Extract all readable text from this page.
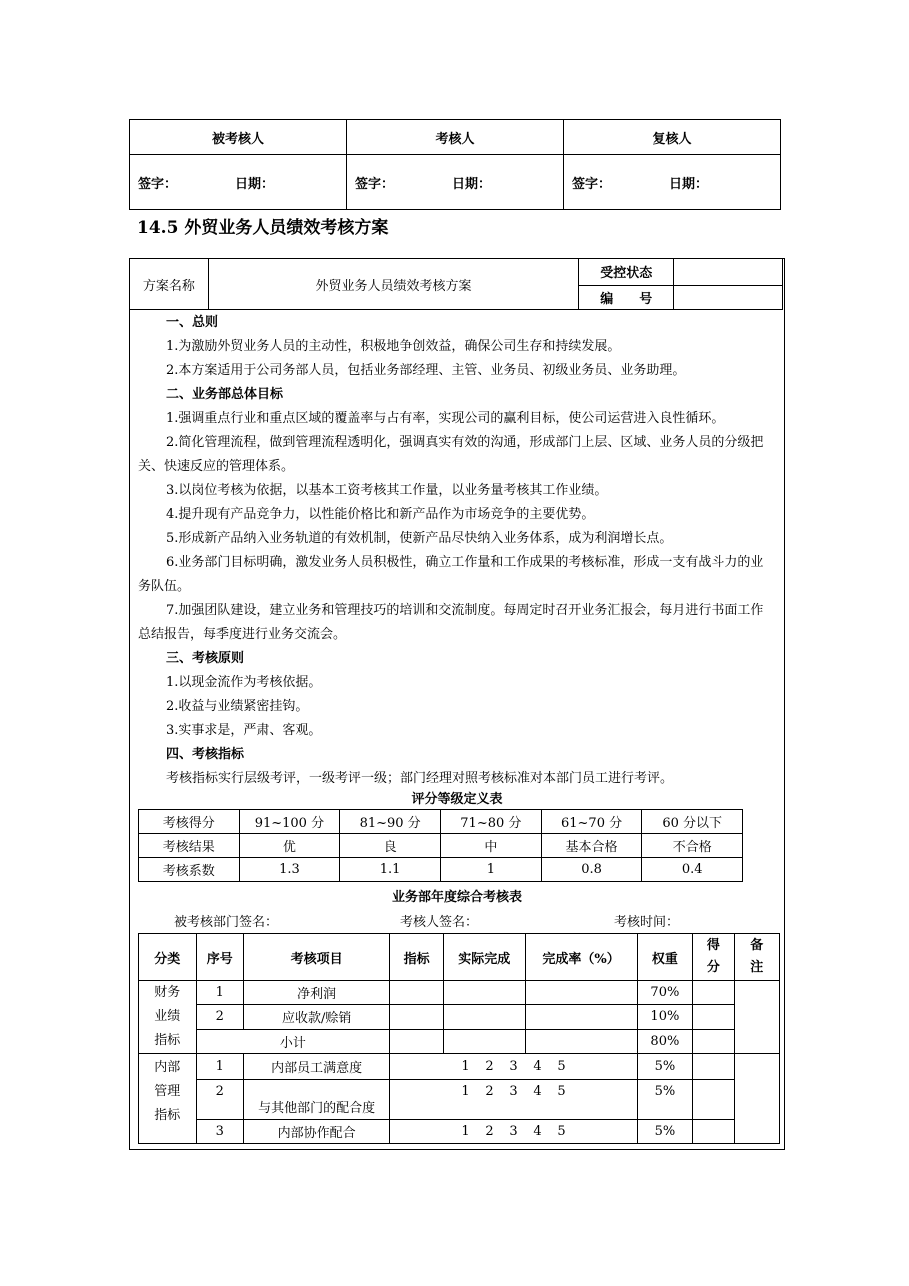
被考核人	考核人	复核人
签字： 日期：	签字： 日期：	签字： 日期：
14.5 外贸业务人员绩效考核方案
方案名称	外贸业务人员绩效考核方案	受控状态	
		编　　号	

一、总则

1.为激励外贸业务人员的主动性，积极地争创效益，确保公司生存和持续发展。

2.本方案适用于公司务部人员，包括业务部经理、主管、业务员、初级业务员、业务助理。

二、业务部总体目标

1.强调重点行业和重点区域的覆盖率与占有率，实现公司的赢利目标，使公司运营进入良性循环。

2.简化管理流程，做到管理流程透明化，强调真实有效的沟通，形成部门上层、区域、业务人员的分级把关、快速反应的管理体系。

3.以岗位考核为依据，以基本工资考核其工作量，以业务量考核其工作业绩。

4.提升现有产品竞争力，以性能价格比和新产品作为市场竞争的主要优势。

5.形成新产品纳入业务轨道的有效机制，使新产品尽快纳入业务体系，成为利润增长点。

6.业务部门目标明确，激发业务人员积极性，确立工作量和工作成果的考核标准，形成一支有战斗力的业务队伍。

7.加强团队建设，建立业务和管理技巧的培训和交流制度。每周定时召开业务汇报会，每月进行书面工作总结报告，每季度进行业务交流会。

三、考核原则

1.以现金流作为考核依据。

2.收益与业绩紧密挂钩。

3.实事求是，严肃、客观。

四、考核指标

考核指标实行层级考评，一级考评一级；部门经理对照考核标准对本部门员工进行考评。

评分等级定义表
考核得分	91~100 分	81~90 分	71~80 分	61~70 分	60 分以下
考核结果	优	良	中	基本合格	不合格
考核系数	1.3	1.1	1	0.8	0.4
业务部年度综合考核表
被考核部门签名：	考核人签名：	考核时间：
分类	序号	考核项目	指标	实际完成	完成率（%）	权重	得分	备注

财务
业绩
指标	1	净利润				70%		
	2	应收款/赊销				10%		
	小计					80%		

内部
管理
指标	1	内部员工满意度	1 2 3 4 5			5%		
	2	与其他部门的配合度	1 2 3 4 5			5%		
	3	内部协作配合	1 2 3 4 5			5%		
